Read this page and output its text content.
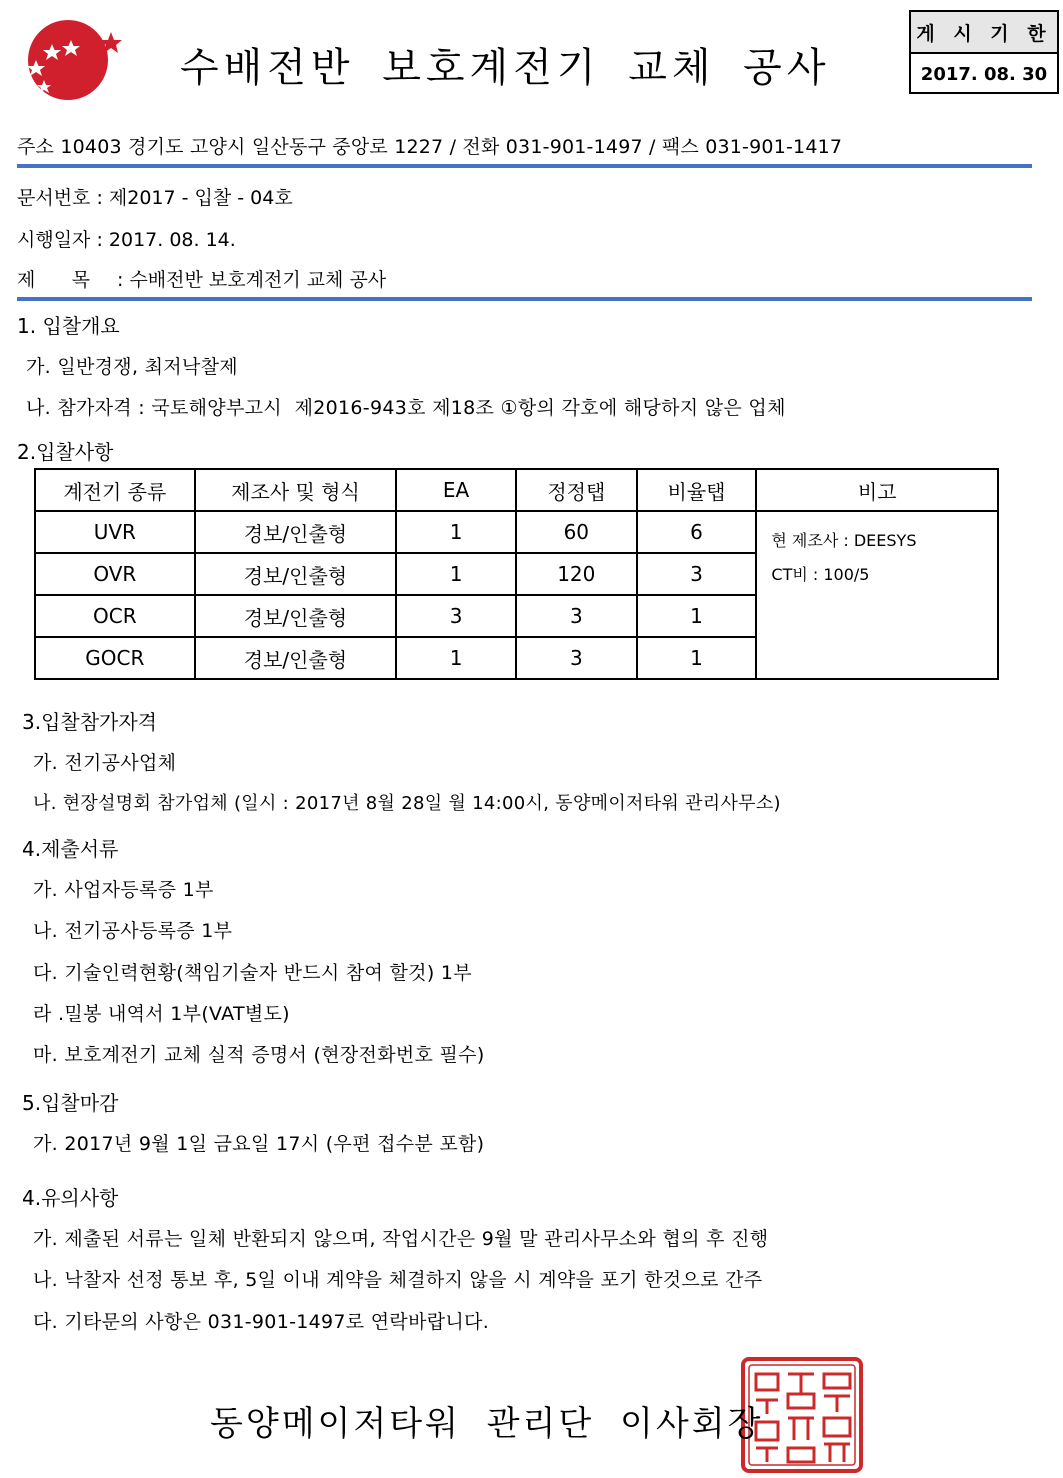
수배전반 보호계전기 교체 공사
게 시 기 한
2017. 08. 30
주소 10403 경기도 고양시 일산동구 중앙로 1227 / 전화 031-901-1497 / 팩스 031-901-1417
문서번호 : 제2017 - 입찰 - 04호
시행일자 : 2017. 08. 14.
제      목 : 수배전반 보호계전기 교체 공사
1. 입찰개요
가. 일반경쟁, 최저낙찰제
나. 참가자격 : 국토해양부고시  제2016-943호 제18조 ①항의 각호에 해당하지 않은 업체
2.입찰사항
계전기 종류	제조사 및 형식	EA	정정탭	비율탭	비고
UVR	경보/인출형	1	60	6	현 제조사 : DEESYS
CT비 : 100/5

OVR	경보/인출형	1	120	3	
OCR	경보/인출형	3	3	1	
GOCR	경보/인출형	1	3	1	
3.입찰참가자격
가. 전기공사업체
나. 현장설명회 참가업체 (일시 : 2017년 8월 28일 월 14:00시, 동양메이저타워 관리사무소)
4.제출서류
가. 사업자등록증 1부
나. 전기공사등록증 1부
다. 기술인력현황(책임기술자 반드시 참여 할것) 1부
라 .밀봉 내역서 1부(VAT별도)
마. 보호계전기 교체 실적 증명서 (현장전화번호 필수)
5.입찰마감
가. 2017년 9월 1일 금요일 17시 (우편 접수분 포함)
4.유의사항
가. 제출된 서류는 일체 반환되지 않으며, 작업시간은 9월 말 관리사무소와 협의 후 진행
나. 낙찰자 선정 통보 후, 5일 이내 계약을 체결하지 않을 시 계약을 포기 한것으로 간주
다. 기타문의 사항은 031-901-1497로 연락바랍니다.
동양메이저타워 관리단 이사회장
